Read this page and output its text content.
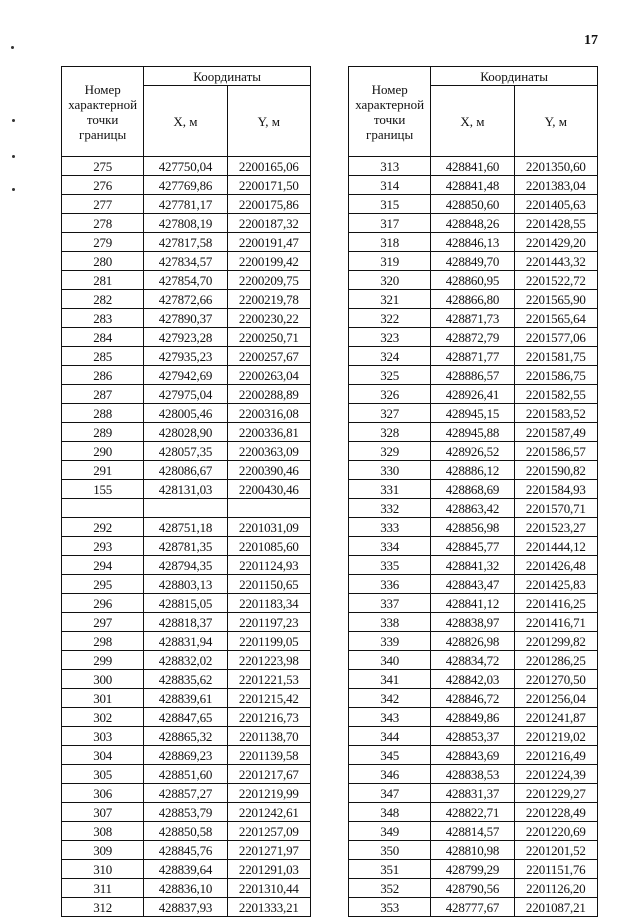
17
Номер характерной точки границы	Координаты	
	X, м	Y, м
275	427750,04	2200165,06
276	427769,86	2200171,50
277	427781,17	2200175,86
278	427808,19	2200187,32
279	427817,58	2200191,47
280	427834,57	2200199,42
281	427854,70	2200209,75
282	427872,66	2200219,78
283	427890,37	2200230,22
284	427923,28	2200250,71
285	427935,23	2200257,67
286	427942,69	2200263,04
287	427975,04	2200288,89
288	428005,46	2200316,08
289	428028,90	2200336,81
290	428057,35	2200363,09
291	428086,67	2200390,46
155	428131,03	2200430,46

292	428751,18	2201031,09
293	428781,35	2201085,60
294	428794,35	2201124,93
295	428803,13	2201150,65
296	428815,05	2201183,34
297	428818,37	2201197,23
298	428831,94	2201199,05
299	428832,02	2201223,98
300	428835,62	2201221,53
301	428839,61	2201215,42
302	428847,65	2201216,73
303	428865,32	2201138,70
304	428869,23	2201139,58
305	428851,60	2201217,67
306	428857,27	2201219,99
307	428853,79	2201242,61
308	428850,58	2201257,09
309	428845,76	2201271,97
310	428839,64	2201291,03
311	428836,10	2201310,44
312	428837,93	2201333,21
Номер характерной точки границы	Координаты	
	X, м	Y, м
313	428841,60	2201350,60
314	428841,48	2201383,04
315	428850,60	2201405,63
317	428848,26	2201428,55
318	428846,13	2201429,20
319	428849,70	2201443,32
320	428860,95	2201522,72
321	428866,80	2201565,90
322	428871,73	2201565,64
323	428872,79	2201577,06
324	428871,77	2201581,75
325	428886,57	2201586,75
326	428926,41	2201582,55
327	428945,15	2201583,52
328	428945,88	2201587,49
329	428926,52	2201586,57
330	428886,12	2201590,82
331	428868,69	2201584,93
332	428863,42	2201570,71
333	428856,98	2201523,27
334	428845,77	2201444,12
335	428841,32	2201426,48
336	428843,47	2201425,83
337	428841,12	2201416,25
338	428838,97	2201416,71
339	428826,98	2201299,82
340	428834,72	2201286,25
341	428842,03	2201270,50
342	428846,72	2201256,04
343	428849,86	2201241,87
344	428853,37	2201219,02
345	428843,69	2201216,49
346	428838,53	2201224,39
347	428831,37	2201229,27
348	428822,71	2201228,49
349	428814,57	2201220,69
350	428810,98	2201201,52
351	428799,29	2201151,76
352	428790,56	2201126,20
353	428777,67	2201087,21
